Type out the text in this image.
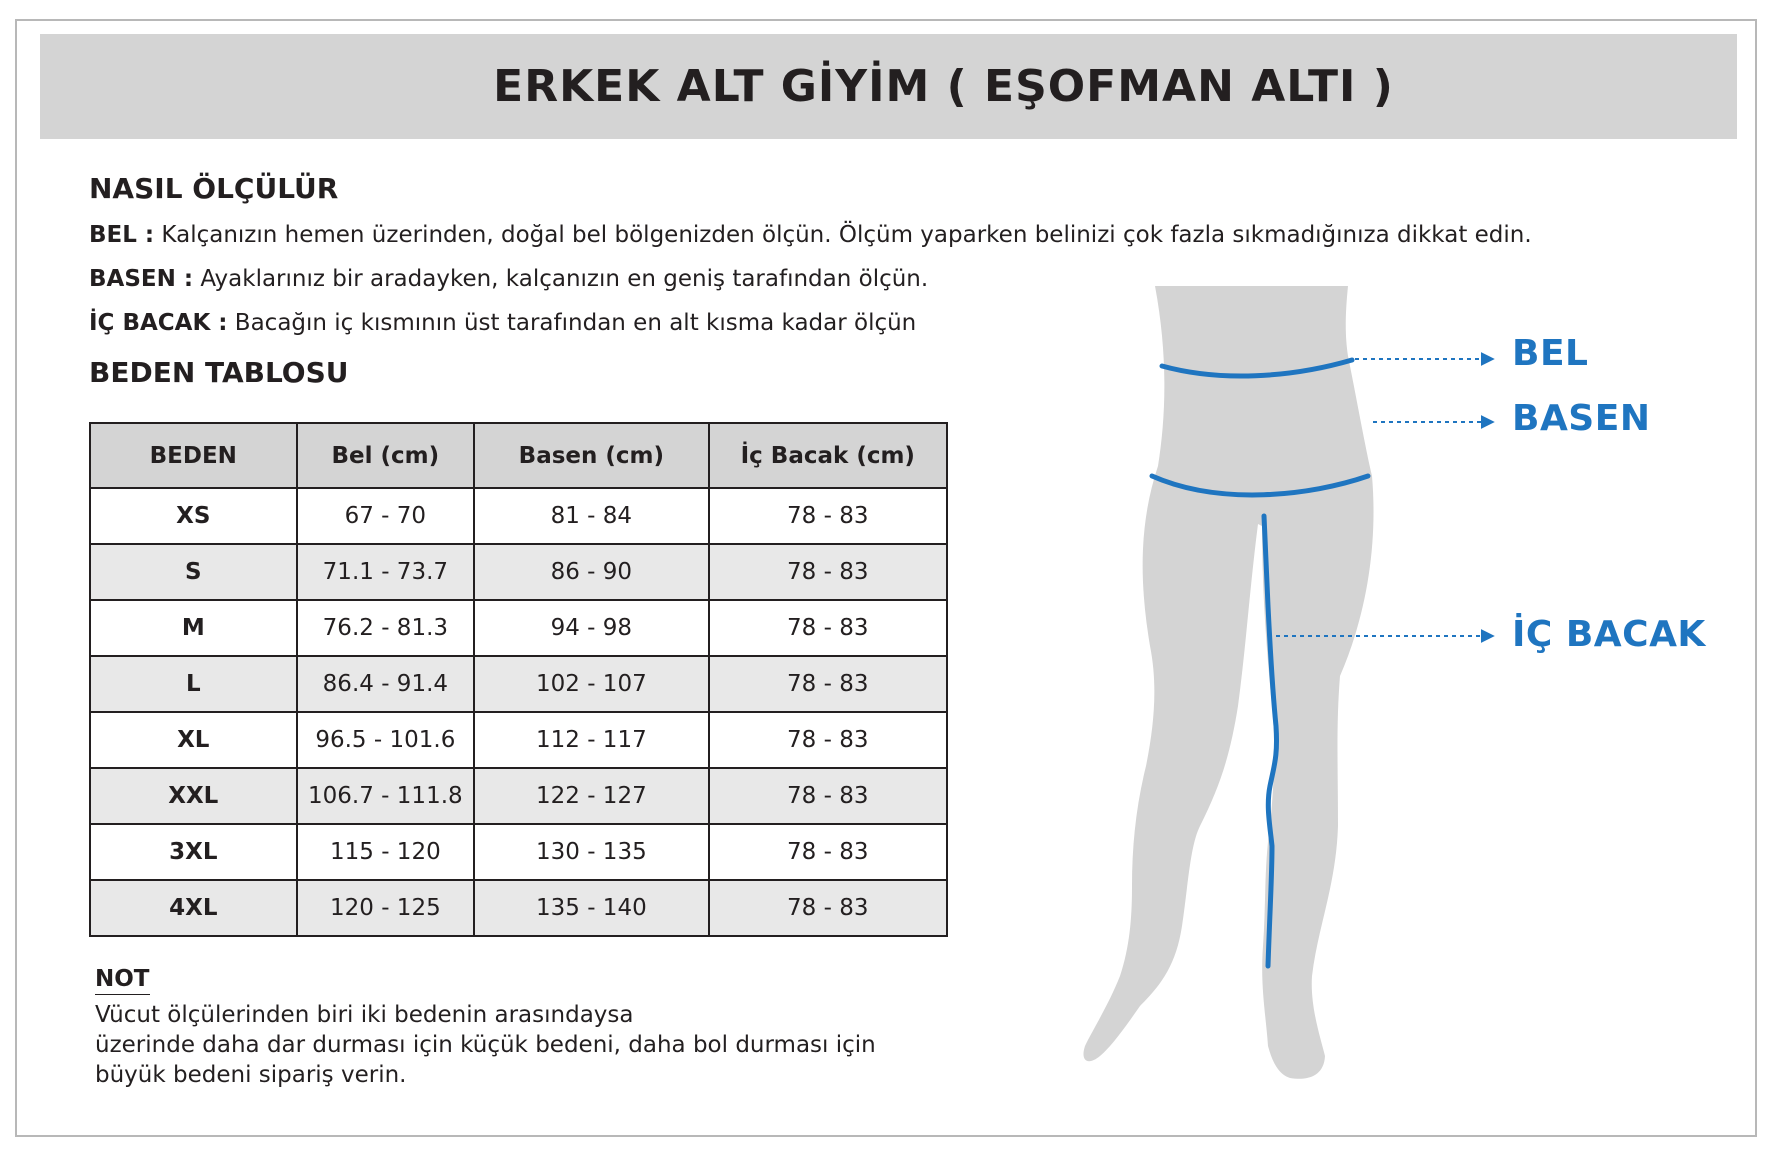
ERKEK ALT GİYİM ( EŞOFMAN ALTI )
NASIL ÖLÇÜLÜR
BEL : Kalçanızın hemen üzerinden, doğal bel bölgenizden ölçün. Ölçüm yaparken belinizi çok fazla sıkmadığınıza dikkat edin.
BASEN : Ayaklarınız bir aradayken, kalçanızın en geniş tarafından ölçün.
İÇ BACAK : Bacağın iç kısmının üst tarafından en alt kısma kadar ölçün
BEDEN TABLOSU
BEDEN	Bel (cm)	Basen (cm)	İç Bacak (cm)
XS	67 - 70	81 - 84	78 - 83
S	71.1 - 73.7	86 - 90	78 - 83
M	76.2 - 81.3	94 - 98	78 - 83
L	86.4 - 91.4	102 - 107	78 - 83
XL	96.5 - 101.6	112 - 117	78 - 83
XXL	106.7 - 111.8	122 - 127	78 - 83
3XL	115 - 120	130 - 135	78 - 83
4XL	120 - 125	135 - 140	78 - 83
NOT
Vücut ölçülerinden biri iki bedenin arasındaysa
üzerinde daha dar durması için küçük bedeni, daha bol durması için
büyük bedeni sipariş verin.
BEL
BASEN
İÇ BACAK
